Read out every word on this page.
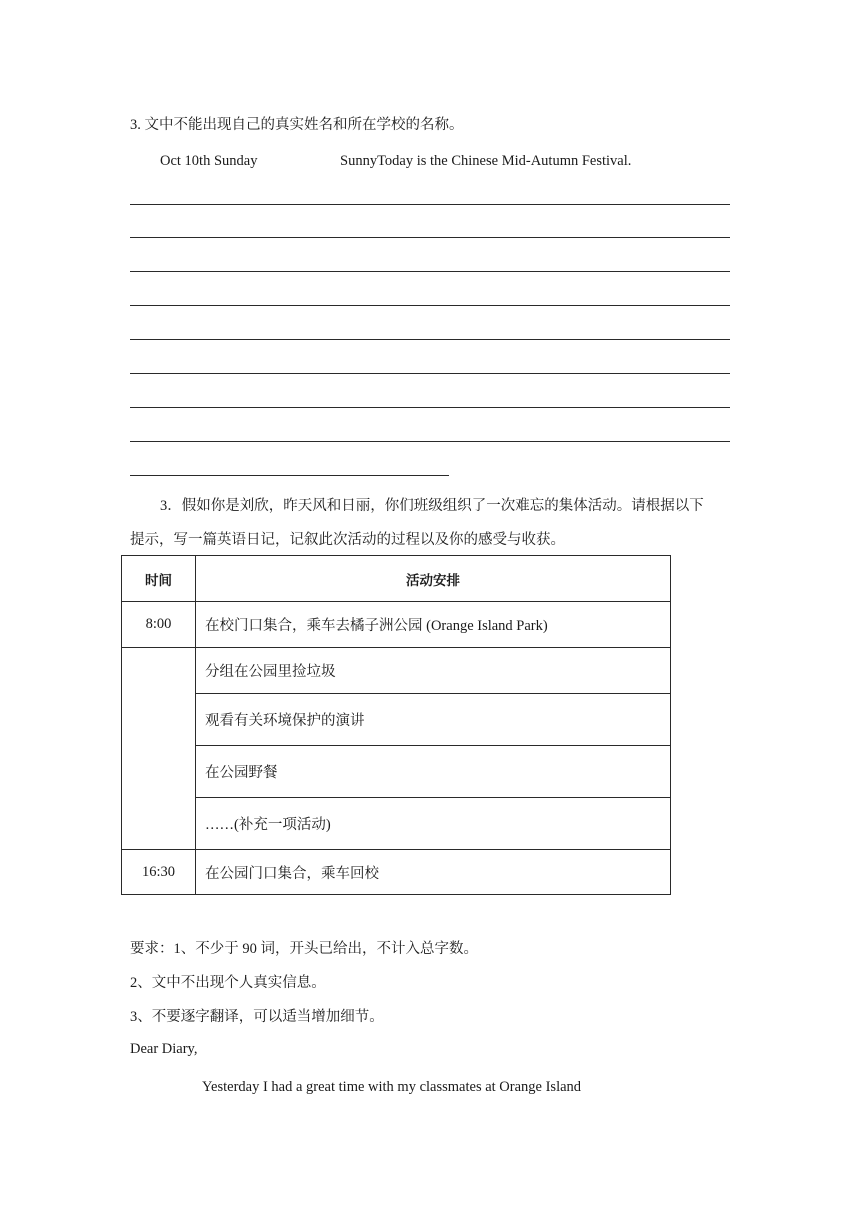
3. 文中不能出现自己的真实姓名和所在学校的名称。
Oct 10th Sunday	SunnyToday is the Chinese Mid-Autumn Festival.
3．假如你是刘欣，昨天风和日丽，你们班级组织了一次难忘的集体活动。请根据以下
提示，写一篇英语日记，记叙此次活动的过程以及你的感受与收获。
时间	活动安排
8:00	在校门口集合，乘车去橘子洲公园 (Orange Island Park)
	分组在公园里捡垃圾
	观看有关环境保护的演讲
	在公园野餐
	……(补充一项活动)
16:30	在公园门口集合，乘车回校
要求：1、不少于 90 词，开头已给出，不计入总字数。
2、文中不出现个人真实信息。
3、不要逐字翻译，可以适当增加细节。
Dear Diary,
Yesterday I had a great time with my classmates at Orange Island
